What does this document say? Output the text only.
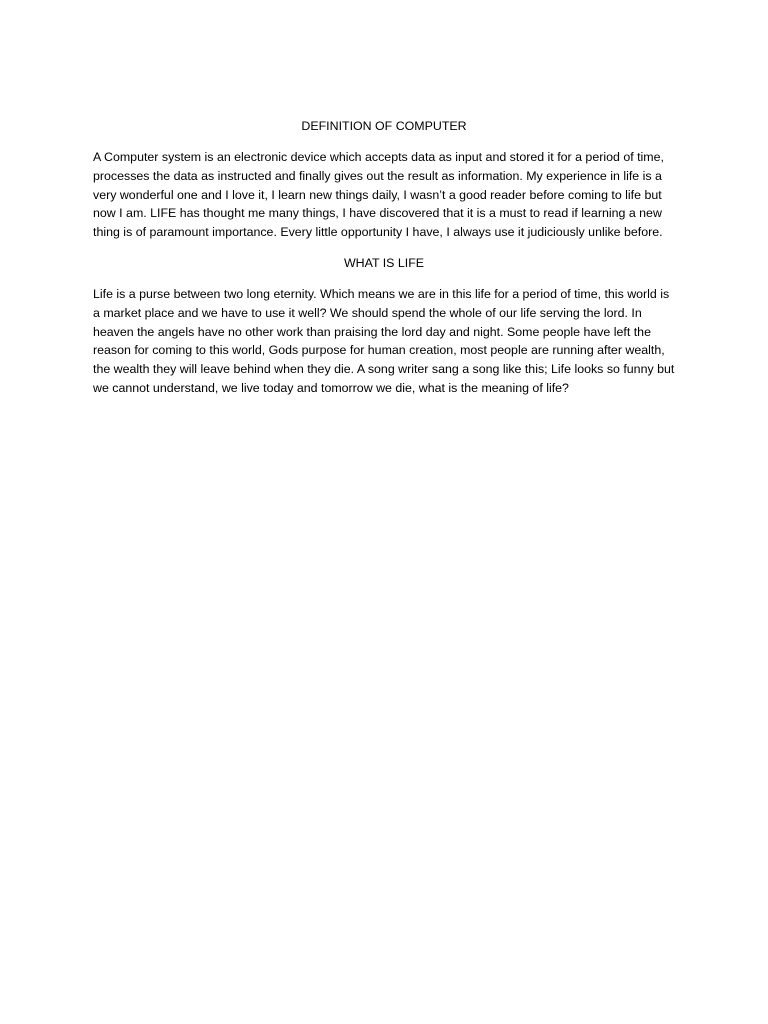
DEFINITION OF COMPUTER

A Computer system is an electronic device which accepts data as input and stored it for a period of time, processes the data as instructed and finally gives out the result as information. My experience in life is a very wonderful one and I love it, I learn new things daily, I wasn’t a good reader before coming to life but now I am. LIFE has thought me many things, I have discovered that it is a must to read if learning a new thing is of paramount importance. Every little opportunity I have, I always use it judiciously unlike before.

WHAT IS LIFE

Life is a purse between two long eternity. Which means we are in this life for a period of time, this world is a market place and we have to use it well? We should spend the whole of our life serving the lord. In heaven the angels have no other work than praising the lord day and night. Some people have left the reason for coming to this world, Gods purpose for human creation, most people are running after wealth, the wealth they will leave behind when they die. A song writer sang a song like this; Life looks so funny but we cannot understand, we live today and tomorrow we die, what is the meaning of life?
